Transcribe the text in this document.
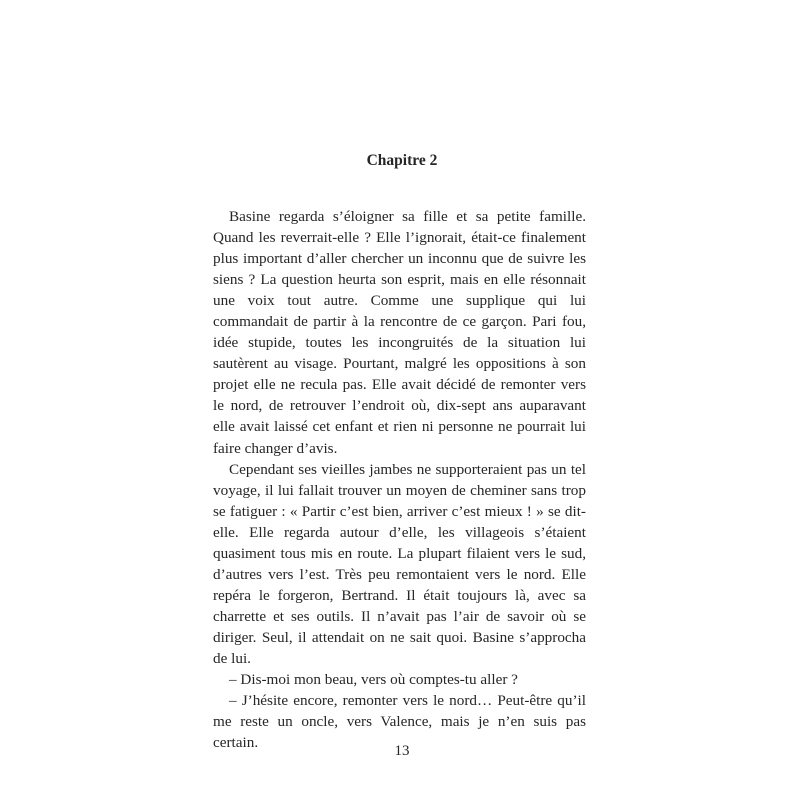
Chapitre 2

Basine regarda s’éloigner sa fille et sa petite famille. Quand les reverrait-elle ? Elle l’ignorait, était-ce finalement plus important d’aller chercher un inconnu que de suivre les siens ? La question heurta son esprit, mais en elle résonnait une voix tout autre. Comme une supplique qui lui commandait de partir à la rencontre de ce garçon. Pari fou, idée stupide, toutes les incongruités de la situation lui sautèrent au visage. Pourtant, malgré les oppositions à son projet elle ne recula pas. Elle avait décidé de remonter vers le nord, de retrouver l’endroit où, dix-sept ans auparavant elle avait laissé cet enfant et rien ni personne ne pourrait lui faire changer d’avis.

Cependant ses vieilles jambes ne supporteraient pas un tel voyage, il lui fallait trouver un moyen de cheminer sans trop se fatiguer : « Partir c’est bien, arriver c’est mieux ! » se dit-elle. Elle regarda autour d’elle, les villageois s’étaient quasiment tous mis en route. La plupart filaient vers le sud, d’autres vers l’est. Très peu remontaient vers le nord. Elle repéra le forgeron, Bertrand. Il était toujours là, avec sa charrette et ses outils. Il n’avait pas l’air de savoir où se diriger. Seul, il attendait on ne sait quoi. Basine s’approcha de lui.

– Dis-moi mon beau, vers où comptes-tu aller ?

– J’hésite encore, remonter vers le nord… Peut-être qu’il me reste un oncle, vers Valence, mais je n’en suis pas certain.	13
